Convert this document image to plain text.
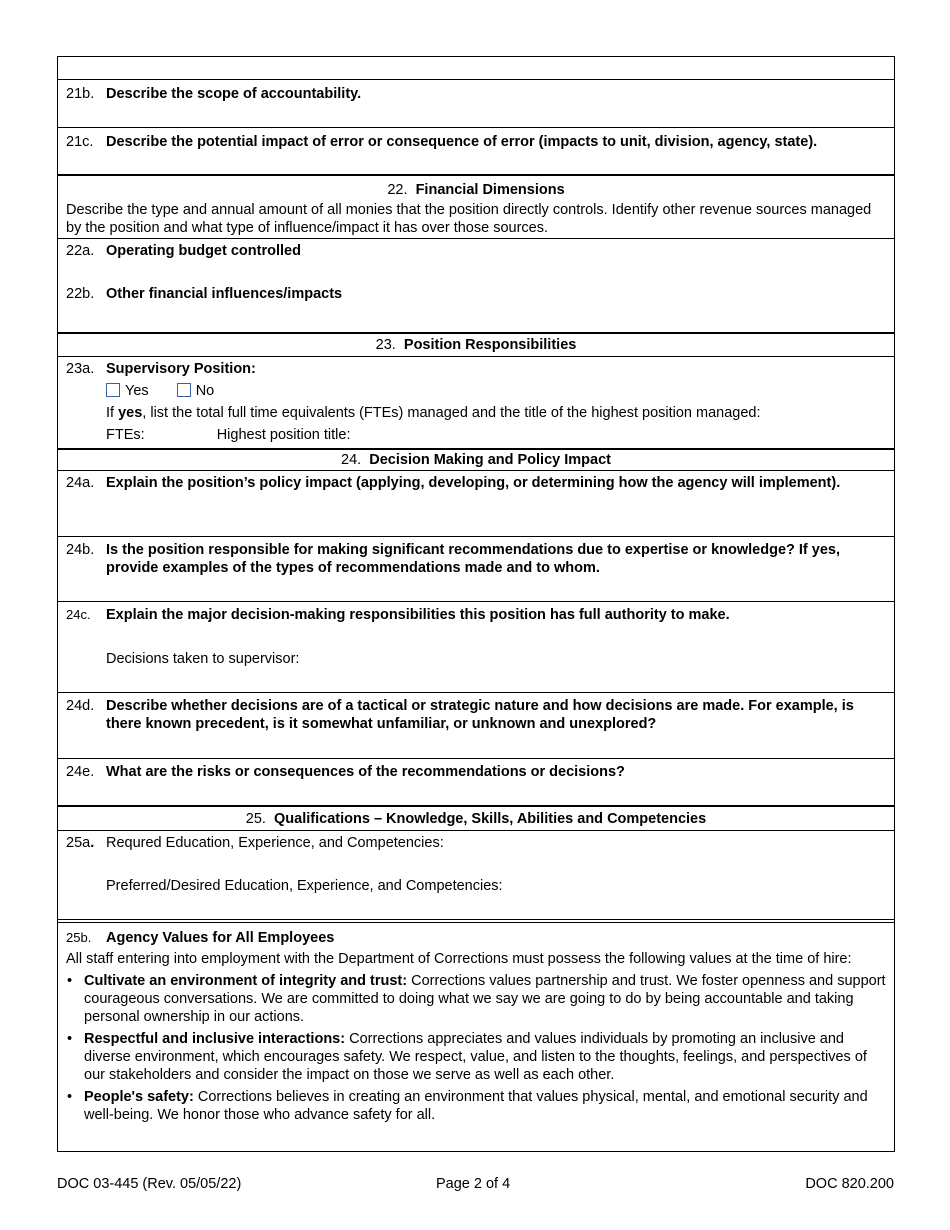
21b. Describe the scope of accountability.
21c. Describe the potential impact of error or consequence of error (impacts to unit, division, agency, state).
22. Financial Dimensions
Describe the type and annual amount of all monies that the position directly controls. Identify other revenue sources managed by the position and what type of influence/impact it has over those sources.
22a. Operating budget controlled
22b. Other financial influences/impacts
23. Position Responsibilities
23a. Supervisory Position:
Yes	No
If yes, list the total full time equivalents (FTEs) managed and the title of the highest position managed:
FTEs:	Highest position title:
24. Decision Making and Policy Impact
24a. Explain the position’s policy impact (applying, developing, or determining how the agency will implement).
24b. Is the position responsible for making significant recommendations due to expertise or knowledge? If yes, provide examples of the types of recommendations made and to whom.
24c.	Explain the major decision-making responsibilities this position has full authority to make.
Decisions taken to supervisor:
24d. Describe whether decisions are of a tactical or strategic nature and how decisions are made. For example, is there known precedent, is it somewhat unfamiliar, or unknown and unexplored?
24e. What are the risks or consequences of the recommendations or decisions?
25. Qualifications – Knowledge, Skills, Abilities and Competencies
25a. Requred Education, Experience, and Competencies:
Preferred/Desired Education, Experience, and Competencies:
25b.	Agency Values for All Employees
All staff entering into employment with the Department of Corrections must possess the following values at the time of hire:
• Cultivate an environment of integrity and trust: Corrections values partnership and trust. We foster openness and support courageous conversations. We are committed to doing what we say we are going to do by being accountable and taking personal ownership in our actions.
• Respectful and inclusive interactions: Corrections appreciates and values individuals by promoting an inclusive and diverse environment, which encourages safety. We respect, value, and listen to the thoughts, feelings, and perspectives of our stakeholders and consider the impact on those we serve as well as each other.
• People's safety: Corrections believes in creating an environment that values physical, mental, and emotional security and well-being. We honor those who advance safety for all.
DOC 03-445 (Rev. 05/05/22)	Page 2 of 4	DOC 820.200
